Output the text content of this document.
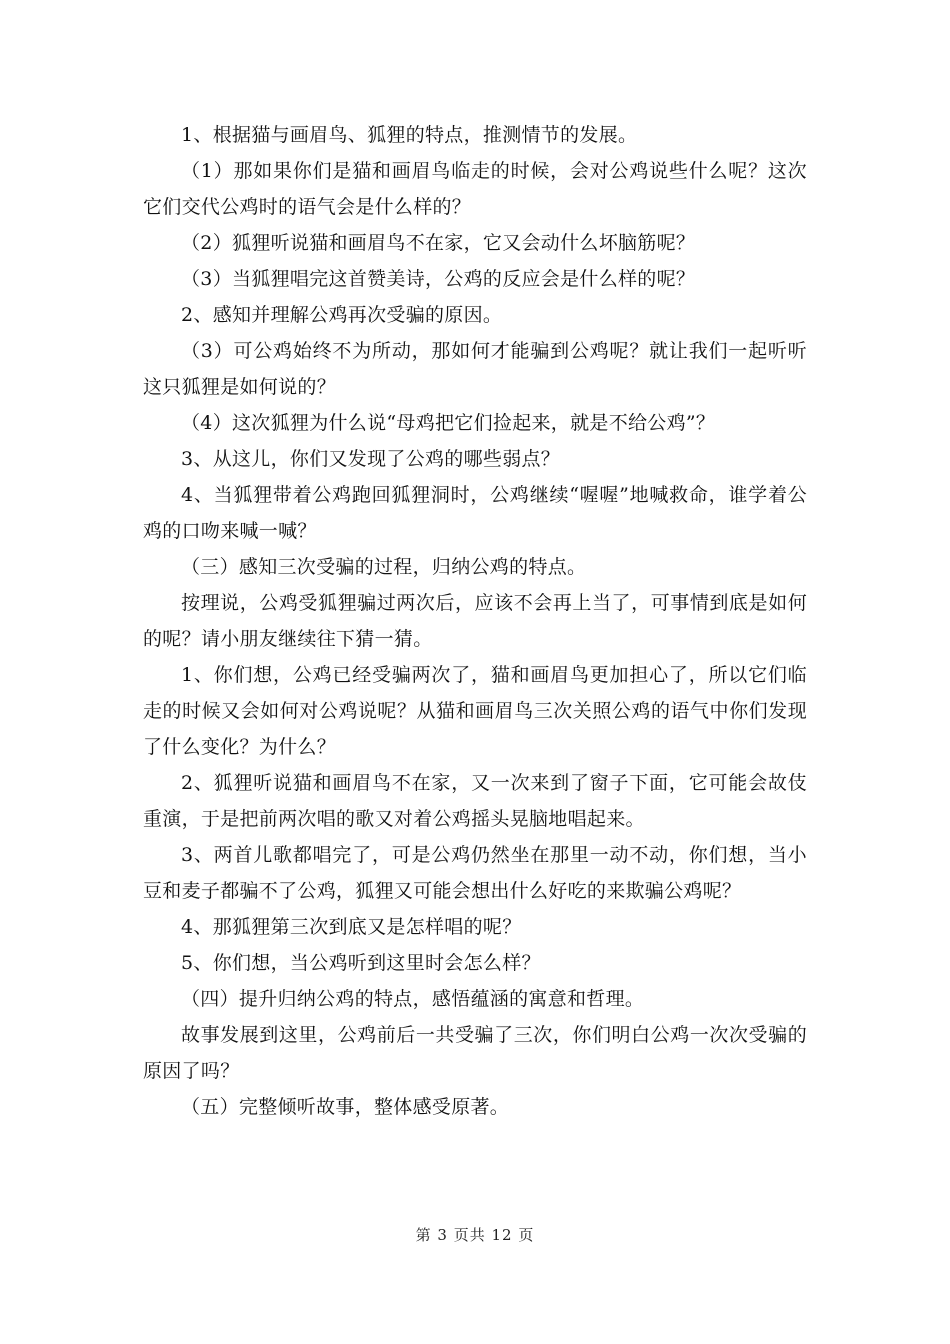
1、根据猫与画眉鸟、狐狸的特点，推测情节的发展。

（1）那如果你们是猫和画眉鸟临走的时候，会对公鸡说些什么呢？这次它们交代公鸡时的语气会是什么样的？

（2）狐狸听说猫和画眉鸟不在家，它又会动什么坏脑筋呢？

（3）当狐狸唱完这首赞美诗，公鸡的反应会是什么样的呢？

2、感知并理解公鸡再次受骗的原因。

（3）可公鸡始终不为所动，那如何才能骗到公鸡呢？就让我们一起听听这只狐狸是如何说的？

（4）这次狐狸为什么说“母鸡把它们捡起来，就是不给公鸡”？

3、从这儿，你们又发现了公鸡的哪些弱点？

4、当狐狸带着公鸡跑回狐狸洞时，公鸡继续“喔喔”地喊救命，谁学着公鸡的口吻来喊一喊？

（三）感知三次受骗的过程，归纳公鸡的特点。

按理说，公鸡受狐狸骗过两次后，应该不会再上当了，可事情到底是如何的呢？请小朋友继续往下猜一猜。

1、你们想，公鸡已经受骗两次了，猫和画眉鸟更加担心了，所以它们临走的时候又会如何对公鸡说呢？从猫和画眉鸟三次关照公鸡的语气中你们发现了什么变化？为什么？

2、狐狸听说猫和画眉鸟不在家，又一次来到了窗子下面，它可能会故伎重演，于是把前两次唱的歌又对着公鸡摇头晃脑地唱起来。

3、两首儿歌都唱完了，可是公鸡仍然坐在那里一动不动，你们想，当小豆和麦子都骗不了公鸡，狐狸又可能会想出什么好吃的来欺骗公鸡呢？

4、那狐狸第三次到底又是怎样唱的呢？

5、你们想，当公鸡听到这里时会怎么样？

（四）提升归纳公鸡的特点，感悟蕴涵的寓意和哲理。

故事发展到这里，公鸡前后一共受骗了三次，你们明白公鸡一次次受骗的原因了吗？

（五）完整倾听故事，整体感受原著。

第 3 页共 12 页
